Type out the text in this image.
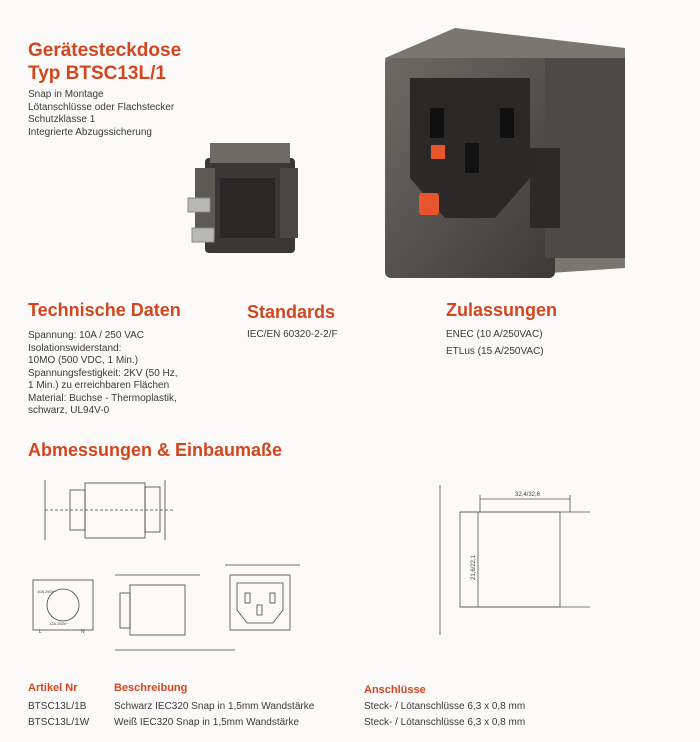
Gerätesteckdose
Typ BTSC13L/1
Snap in Montage
Lötanschlüsse oder Flachstecker
Schutzklasse 1
Integrierte Abzugssicherung
Technische Daten
Spannung: 10A / 250 VAC
Isolationswiderstand:
10MO (500 VDC, 1 Min.)
Spannungsfestigkeit: 2KV (50 Hz,
1 Min.) zu erreichbaren Flächen
Material: Buchse - Thermoplastik,
schwarz, UL94V-0
Standards
IEC/EN 60320-2-2/F
Zulassungen
ENEC (10 A/250VAC)
ETLus (15 A/250VAC)
Abmessungen & Einbaumaße
10A 250V~
12A 250V~
L	N
32,4/32,6
21,6/22,1
Artikel Nr	Beschreibung	Anschlüsse
BTSC13L/1B	Schwarz IEC320 Snap in 1,5mm Wandstärke	Steck- / Lötanschlüsse 6,3 x 0,8 mm
BTSC13L/1W Weiß IEC320 Snap in 1,5mm Wandstärke	Steck- / Lötanschlüsse 6,3 x 0,8 mm
